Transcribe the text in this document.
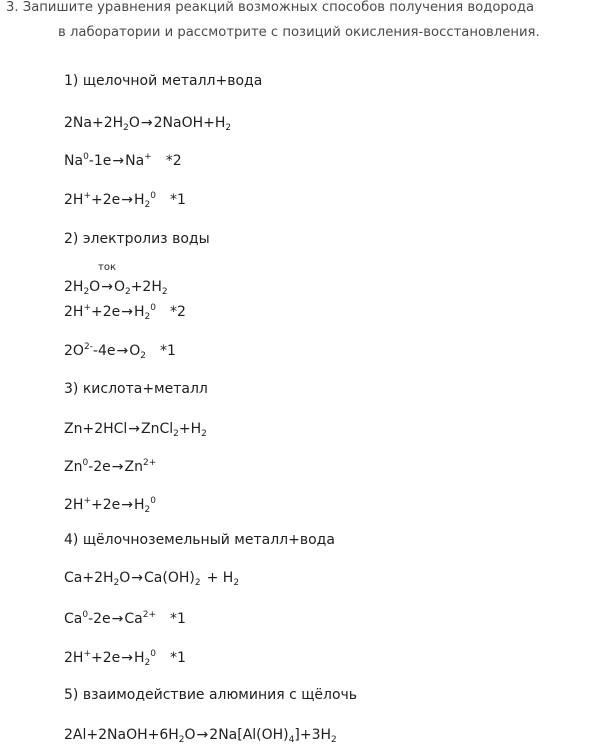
3. Запишите уравнения реакций возможных способов получения водорода
в лаборатории и рассмотрите с позиций окисления-восстановления.
1) щелочной металл+вода
$2Na+2H_2O\to 2NaOH+H_2$
$Na^0-1e\to Na^+$ *2
$2H^++2e\to H_2^0$ *1
2) электролиз воды
ток
$2H_2O\to O_2+2H_2$
$2H^++2e\to H_2^0$ *2
$2O^{2-}-4e\to O_2$ *1
3) кислота+металл
$Zn+2HCl\to ZnCl_2+H_2$
$Zn^0-2e\to Zn^{2+}$
$2H^++2e\to H_2^0$
4) щёлочноземельный металл+вода
$Ca+2H_2O\to Ca(OH)_2 + H_2$
$Ca^0-2e\to Ca^{2+}$ *1
$2H^++2e\to H_2^0$ *1
5) взаимодействие алюминия с щёлочь
$2Al+2NaOH+6H_2O\to 2Na[Al(OH)_4]+3H_2$
